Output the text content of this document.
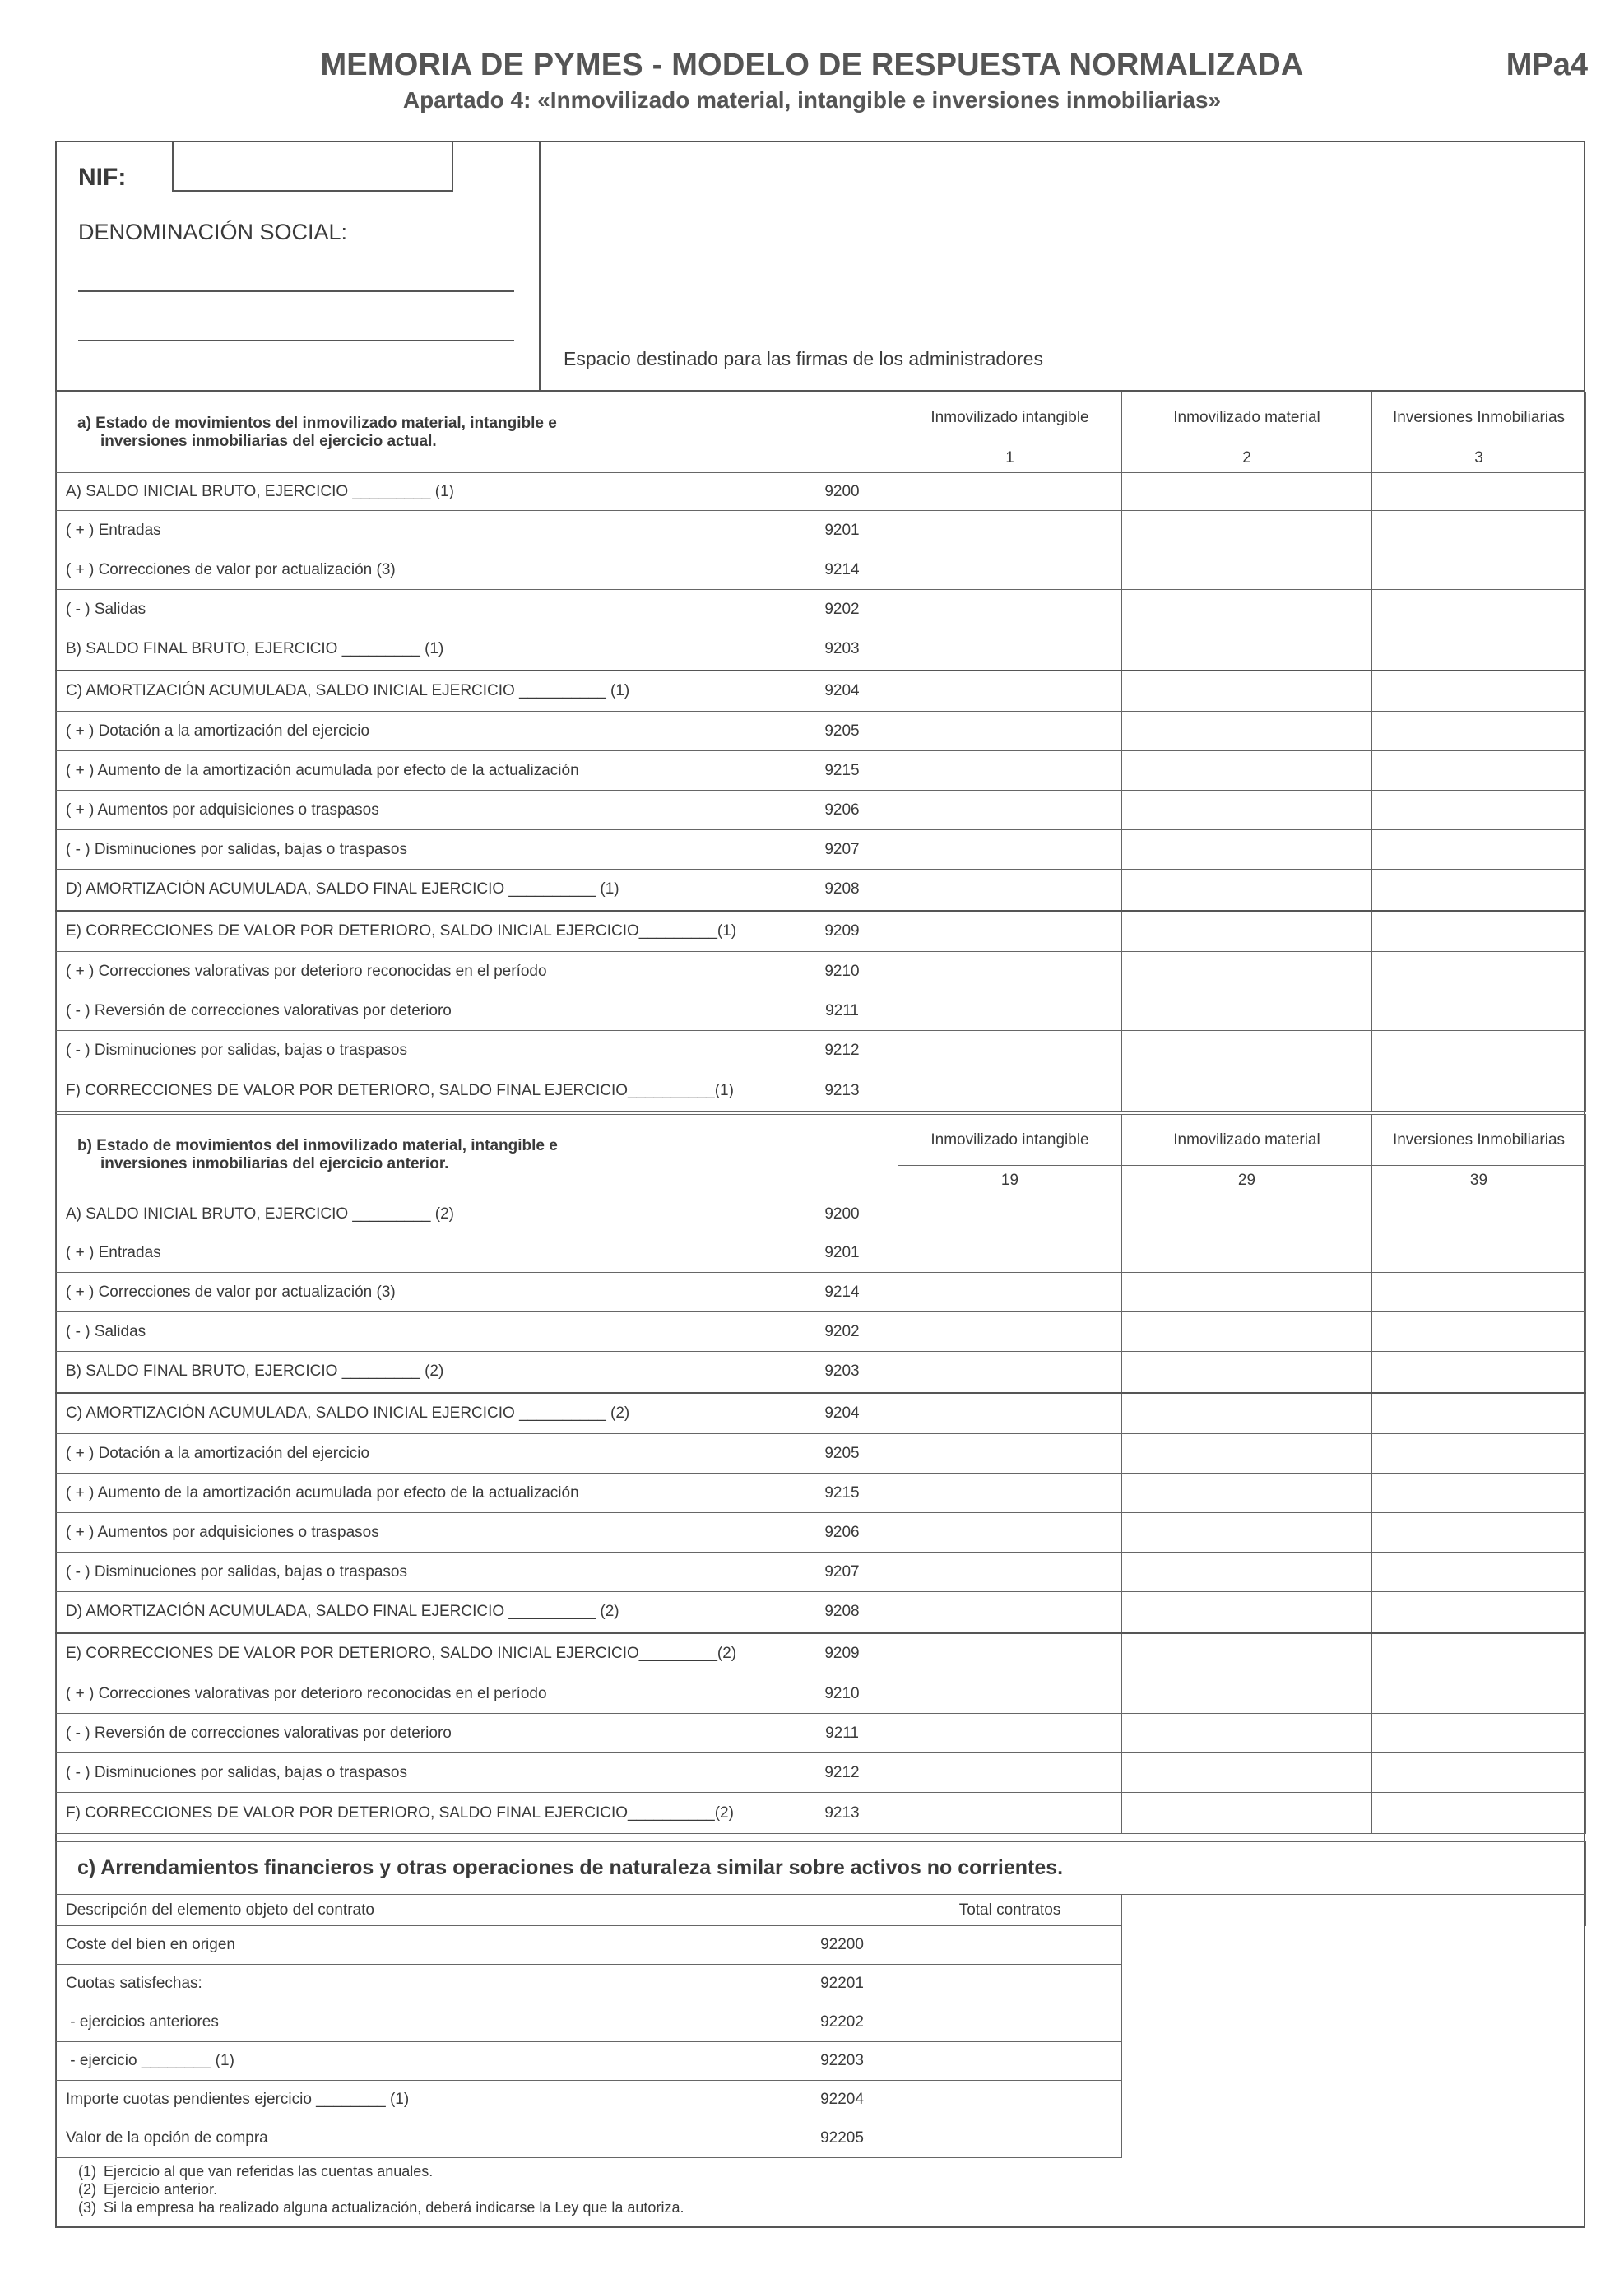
MEMORIA DE PYMES - MODELO DE RESPUESTA NORMALIZADA	MPa4
Apartado 4: «Inmovilizado material, intangible e inversiones inmobiliarias»
NIF:
DENOMINACIÓN SOCIAL:
Espacio destinado para las firmas de los administradores
a) Estado de movimientos del inmovilizado material, intangible e
inversiones inmobiliarias del ejercicio actual.		Inmovilizado intangible	Inmovilizado material	Inversiones Inmobiliarias
		1	2	3
A) SALDO INICIAL BRUTO, EJERCICIO _________ (1)	9200			
( + ) Entradas	9201			
( + ) Correcciones de valor por actualización (3)	9214			
( - ) Salidas	9202			
B) SALDO FINAL BRUTO, EJERCICIO _________ (1)	9203			
C) AMORTIZACIÓN ACUMULADA, SALDO INICIAL EJERCICIO __________ (1)	9204			
( + ) Dotación a la amortización del ejercicio	9205			
( + ) Aumento de la amortización acumulada por efecto de la actualización	9215			
( + ) Aumentos por adquisiciones o traspasos	9206			
( - ) Disminuciones por salidas, bajas o traspasos	9207			
D) AMORTIZACIÓN ACUMULADA, SALDO FINAL EJERCICIO __________ (1)	9208			
E) CORRECCIONES DE VALOR POR DETERIORO, SALDO INICIAL EJERCICIO_________(1)	9209			
( + ) Correcciones valorativas por deterioro reconocidas en el período	9210			
( - ) Reversión de correcciones valorativas por deterioro	9211			
( - ) Disminuciones por salidas, bajas o traspasos	9212			
F) CORRECCIONES DE VALOR POR DETERIORO, SALDO FINAL EJERCICIO__________(1)	9213			
b) Estado de movimientos del inmovilizado material, intangible e
inversiones inmobiliarias del ejercicio anterior.		Inmovilizado intangible	Inmovilizado material	Inversiones Inmobiliarias
		19	29	39
A) SALDO INICIAL BRUTO, EJERCICIO _________ (2)	9200			
( + ) Entradas	9201			
( + ) Correcciones de valor por actualización (3)	9214			
( - ) Salidas	9202			
B) SALDO FINAL BRUTO, EJERCICIO _________ (2)	9203			
C) AMORTIZACIÓN ACUMULADA, SALDO INICIAL EJERCICIO __________ (2)	9204			
( + ) Dotación a la amortización del ejercicio	9205			
( + ) Aumento de la amortización acumulada por efecto de la actualización	9215			
( + ) Aumentos por adquisiciones o traspasos	9206			
( - ) Disminuciones por salidas, bajas o traspasos	9207			
D) AMORTIZACIÓN ACUMULADA, SALDO FINAL EJERCICIO __________ (2)	9208			
E) CORRECCIONES DE VALOR POR DETERIORO, SALDO INICIAL EJERCICIO_________(2)	9209			
( + ) Correcciones valorativas por deterioro reconocidas en el período	9210			
( - ) Reversión de correcciones valorativas por deterioro	9211			
( - ) Disminuciones por salidas, bajas o traspasos	9212			
F) CORRECCIONES DE VALOR POR DETERIORO, SALDO FINAL EJERCICIO__________(2)	9213			
c) Arrendamientos financieros y otras operaciones de naturaleza similar sobre activos no corrientes.			
Descripción del elemento objeto del contrato		Total contratos	
Coste del bien en origen	92200		
Cuotas satisfechas:	92201		
- ejercicios anteriores	92202		
- ejercicio ________ (1)	92203		
Importe cuotas pendientes ejercicio ________ (1)	92204		
Valor de la opción de compra	92205		
(1) Ejercicio al que van referidas las cuentas anuales.
(2) Ejercicio anterior.
(3) Si la empresa ha realizado alguna actualización, deberá indicarse la Ley que la autoriza.
